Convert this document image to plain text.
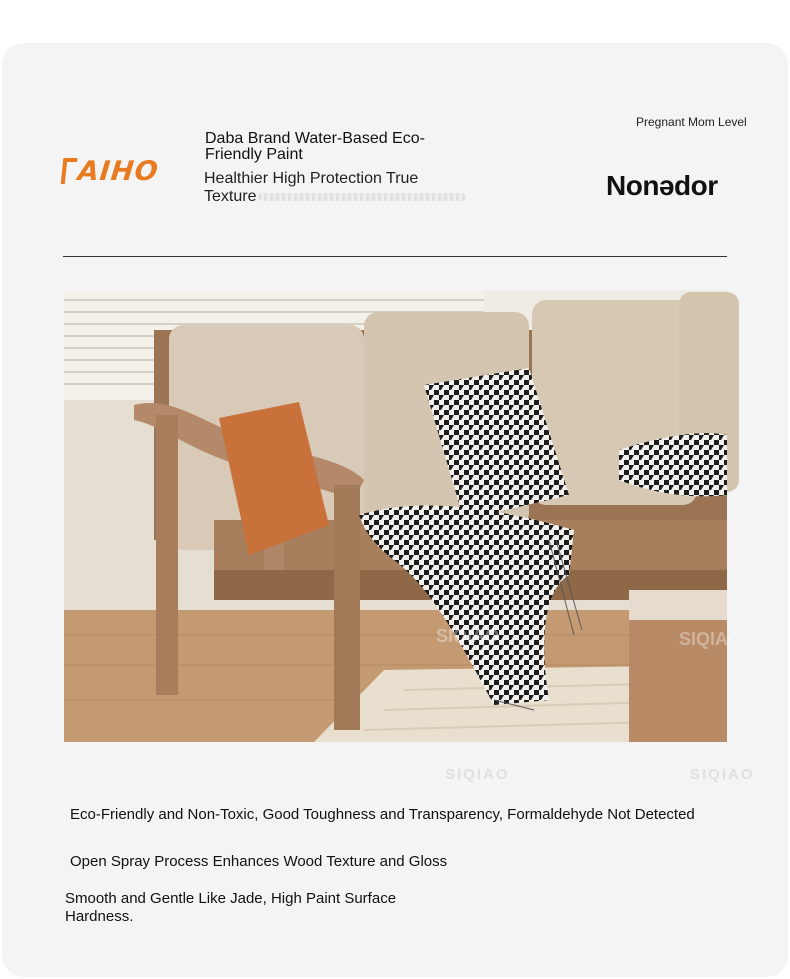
AIHO
Daba Brand Water-Based Eco-Friendly Paint
Healthier High Protection True Texture
Pregnant Mom Level
Nonədor
SIQIAO	SIQIAO
SIQIAO	SIQIAO
Eco-Friendly and Non-Toxic, Good Toughness and Transparency, Formaldehyde Not Detected
Open Spray Process Enhances Wood Texture and Gloss
Smooth and Gentle Like Jade, High Paint Surface Hardness.
